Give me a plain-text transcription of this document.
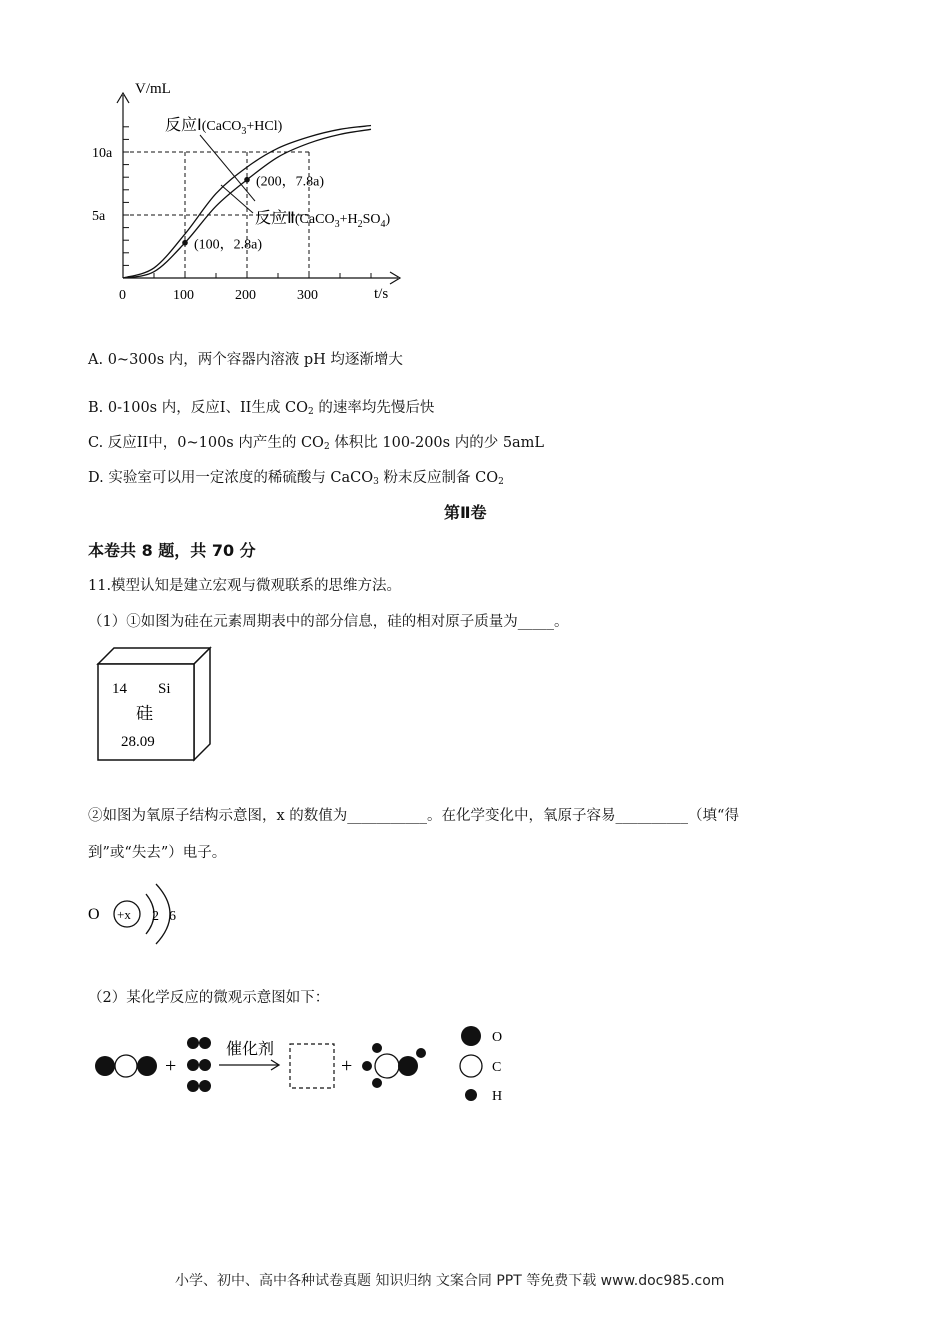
(100，2.8a)
(200，7.8a)
0	100	200	300
5a
10a
V/mL
t/s
反应Ⅰ(CaCO$_3$+HCl)
反应$Ⅱ(CaCO_3+H_2SO_4)$
A. 0~300s 内，两个容器内溶液 pH 均逐渐增大
B. 0-100s 内，反应I、II生成 $CO_2$ 的速率均先慢后快
C. 反应II中，0~100s 内产生的 $CO_2$ 体积比 100-200s 内的少 5amL
D. 实验室可以用一定浓度的稀硫酸与 CaCO$_3$ 粉末反应制备 $CO_2$
第Ⅱ卷
本卷共 8 题，共 70 分
11.模型认知是建立宏观与微观联系的思维方法。
（1）①如图为硅在元素周期表中的部分信息，硅的相对原子质量为_____。
14 Si
硅
28.09
②如图为氧原子结构示意图，x 的数值为___________。在化学变化中，氧原子容易__________（填“得
到”或“失去”）电子。
O +x 2 6
（2）某化学反应的微观示意图如下：
+
催化剂
+
O
C
H
小学、初中、高中各种试卷真题 知识归纳 文案合同 PPT 等免费下载 www.doc985.com
